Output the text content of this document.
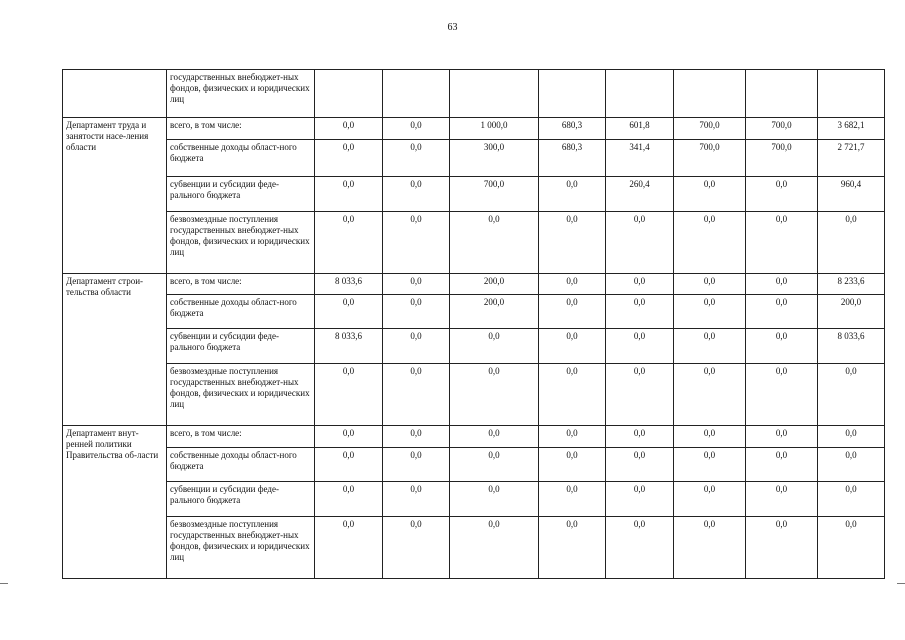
63
	государственных внебюджет-ных фондов, физических и юридических лиц								
Департамент труда и занятости насе-ления области	всего, в том числе:	0,0	0,0	1 000,0	680,3	601,8	700,0	700,0	3 682,1
	собственные доходы област-ного бюджета	0,0	0,0	300,0	680,3	341,4	700,0	700,0	2 721,7
	субвенции и субсидии феде-рального бюджета	0,0	0,0	700,0	0,0	260,4	0,0	0,0	960,4
	безвозмездные поступления государственных внебюджет-ных фондов, физических и юридических лиц	0,0	0,0	0,0	0,0	0,0	0,0	0,0	0,0
Департамент строи-тельства области	всего, в том числе:	8 033,6	0,0	200,0	0,0	0,0	0,0	0,0	8 233,6
	собственные доходы област-ного бюджета	0,0	0,0	200,0	0,0	0,0	0,0	0,0	200,0
	субвенции и субсидии феде-рального бюджета	8 033,6	0,0	0,0	0,0	0,0	0,0	0,0	8 033,6
	безвозмездные поступления государственных внебюджет-ных фондов, физических и юридических лиц	0,0	0,0	0,0	0,0	0,0	0,0	0,0	0,0
Департамент внут-ренней политики Правительства об-ласти	всего, в том числе:	0,0	0,0	0,0	0,0	0,0	0,0	0,0	0,0
	собственные доходы област-ного бюджета	0,0	0,0	0,0	0,0	0,0	0,0	0,0	0,0
	субвенции и субсидии феде-рального бюджета	0,0	0,0	0,0	0,0	0,0	0,0	0,0	0,0
	безвозмездные поступления государственных внебюджет-ных фондов, физических и юридических лиц	0,0	0,0	0,0	0,0	0,0	0,0	0,0	0,0
